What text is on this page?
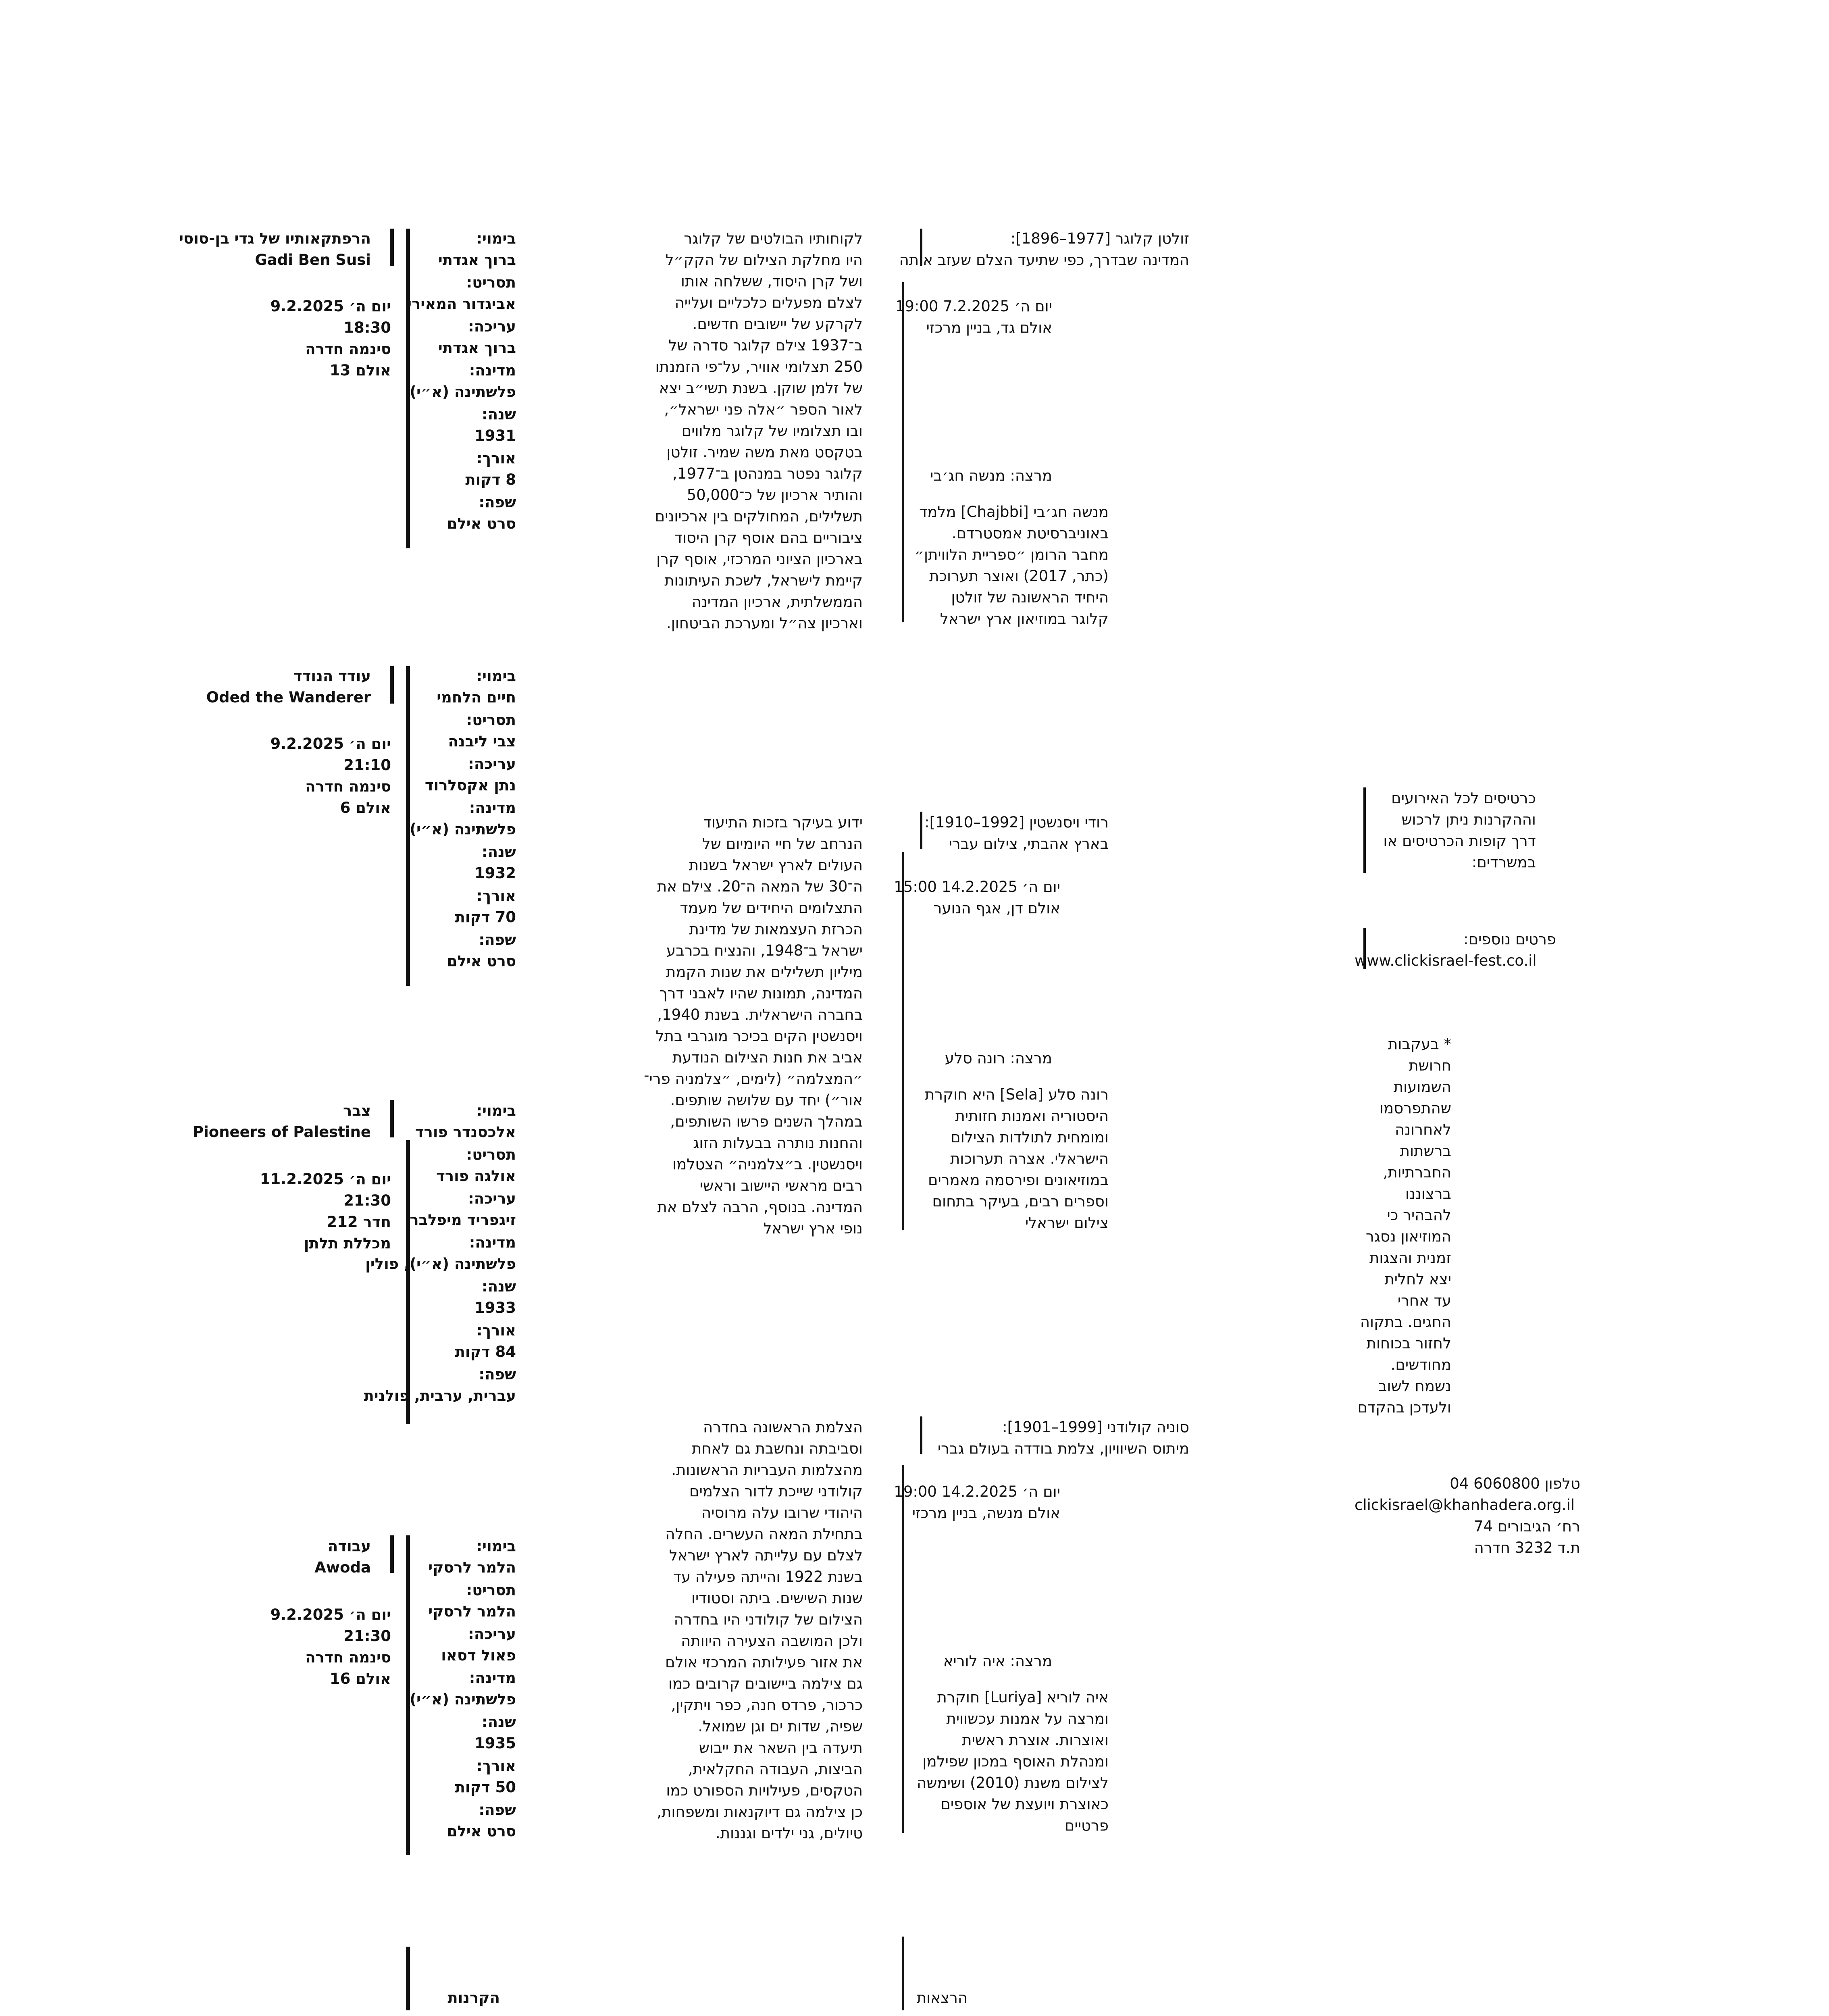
הרפתקאותיו של גדי בן-סוסי
Gadi Ben Susi
יום ה׳ 9.2.2025
18:30
סינמה חדרה
אולם 13
בימוי:
ברוך אגדתי
תסריט:
אביגדור המאירי
עריכה:
ברוך אגדתי
מדינה:
פלשתינה (א״י)
שנה:
1931
אורך:
8 דקות
שפה:
סרט אילם
עודד הנודד
Oded the Wanderer
יום ה׳ 9.2.2025
21:10
סינמה חדרה
אולם 6
בימוי:
חיים הלחמי
תסריט:
צבי ליבנה
עריכה:
נתן אקסלרוד
מדינה:
פלשתינה (א״י)
שנה:
1932
אורך:
70 דקות
שפה:
סרט אילם
צבר
Pioneers of Palestine
יום ה׳ 11.2.2025
21:30
חדר 212
מכללת תלתן
בימוי:
אלכסנדר פורד
תסריט:
אולגה פורד
עריכה:
זיגפריד מיפלבר
מדינה:
פלשתינה (א״י), פולין
שנה:
1933
אורך:
84 דקות
שפה:
עברית, ערבית, פולנית
עבודה
Awoda
יום ה׳ 9.2.2025
21:30
סינמה חדרה
אולם 16
בימוי:
הלמר לרסקי
תסריט:
הלמר לרסקי
עריכה:
פאול דסאו
מדינה:
פלשתינה (א״י)
שנה:
1935
אורך:
50 דקות
שפה:
סרט אילם
לקוחותיו הבולטים של קלוגר
היו מחלקת הצילום של הקק״ל
ושל קרן היסוד, ששלחה אותו
לצלם מפעלים כלכליים ועלייה
לקרקע של יישובים חדשים.
ב־1937 צילם קלוגר סדרה של
250 תצלומי אוויר, על־פי הזמנתו
של זלמן שוקן. בשנת תשי״ב יצא
לאור הספר ״אלה פני ישראל״,
ובו תצלומיו של קלוגר מלווים
בטקסט מאת משה שמיר. זולטן
קלוגר נפטר במנהטן ב־1977,
והותיר ארכיון של כ־50,000
תשלילים, המחולקים בין ארכיונים
ציבוריים בהם אוסף קרן היסוד
בארכיון הציוני המרכזי, אוסף קרן
קיימת לישראל, לשכת העיתונות
הממשלתית, ארכיון המדינה
וארכיון צה״ל ומערכת הביטחון.
ידוע בעיקר בזכות התיעוד
הנרחב של חיי היומיום של
העולים לארץ ישראל בשנות
ה־30 של המאה ה־20. צילם את
התצלומים היחידים של מעמד
הכרזת העצמאות של מדינת
ישראל ב־1948, והנציח בכרבע
מיליון תשלילים את שנות הקמת
המדינה, תמונות שהיו לאבני דרך
בחברה הישראלית. בשנת 1940,
ויסנשטין הקים בכיכר מוגרבי בתל
אביב את חנות הצילום הנודעת
״המצלמה״ (לימים, ״צלמניה פרי־
אור״) יחד עם שלושה שותפים.
במהלך השנים פרשו השותפים,
והחנות נותרה בבעלות הזוג
ויסנשטין. ב״צלמניה״ הצטלמו
רבים מראשי היישוב וראשי
המדינה. בנוסף, הרבה לצלם את
נופי ארץ ישראל
הצלמת הראשונה בחדרה
וסביבתה ונחשבת גם לאחת
מהצלמות העבריות הראשונות.
קולודני שייכת לדור הצלמים
היהודי שרובו עלה מרוסיה
בתחילת המאה העשרים. החלה
לצלם עם עלייתה לארץ ישראל
בשנת 1922 והייתה פעילה עד
שנות השישים. ביתה וסטודיו
הצילום של קולודני היו בחדרה
ולכן המושבה הצעירה היוותה
את אזור פעילותה המרכזי אולם
גם צילמה ביישובים קרובים כמו
כרכור, פרדס חנה, כפר ויתקין,
שפיה, שדות ים וגן שמואל.
תיעדה בין השאר את ייבוש
הביצות, העבודה החקלאית,
הטקסים, פעילויות הספורט כמו
כן צילמה גם דיוקנאות ומשפחות,
טיולים, גני ילדים וגננות.
זולטן קלוגר [1977–1896]:
המדינה שבדרך, כפי שתיעד הצלם שעזב אותה
יום ה׳ 7.2.2025 19:00
אולם גד, בניין מרכזי
מרצה: מנשה חג׳בי
מנשה חג׳בי [Chajbbi] מלמד
באוניברסיטת אמסטרדם.
מחבר הרומן ״ספריית הלוויתן״
(כתר, 2017) ואוצר תערוכת
היחיד הראשונה של זולטן
קלוגר במוזיאון ארץ ישראל
רודי ויסנשטין [1992–1910]:
בארץ אהבתי, צילום עברי
יום ה׳ 14.2.2025 15:00
אולם דן, אגף הנוער
מרצה: רונה סלע
רונה סלע [Sela] היא חוקרת
היסטוריה ואמנות חזותית
ומומחית לתולדות הצילום
הישראלי. אצרה תערוכות
במוזיאונים ופירסמה מאמרים
וספרים רבים, בעיקר בתחום
צילום ישראלי
סוניה קולודני [1999–1901]:
מיתוס השיוויון, צלמת בודדה בעולם גברי
יום ה׳ 14.2.2025 19:00
אולם מנשה, בניין מרכזי
מרצה: איה לוריא
איה לוריא [Luriya] חוקרת
ומרצה על אמנות עכשווית
ואוצרות. אוצרת ראשית
ומנהלת האוסף במכון שפילמן
לצילום משנת (2010) ושימשה
כאוצרת ויועצת של אוספים
פרטיים
כרטיסים לכל האירועים
וההקרנות ניתן לרכוש
דרך קופות הכרטיסים או
במשרדים:
פרטים נוספים:
www.clickisrael-fest.co.il
* בעקבות
חרושת
השמועות
שהתפרסמו
לאחרונה
ברשתות
החברתיות,
ברצוננו
להבהיר כי
המוזיאון נסגר
זמנית והצגות
יצא לחלית
עד אחרי
החגים. בתקוה
לחזור בכוחות
מחודשים.
נשמח לשוב
ולעדכן בהקדם
טלפון 6060800 04
clickisrael@khanhadera.org.il
רח׳ הגיבורים 74
ת.ד 3232 חדרה
הקרנות	הרצאות
